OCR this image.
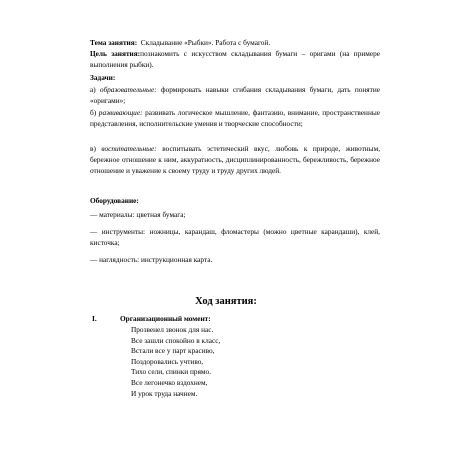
Тема занятия: Складывание «Рыбки». Работа с бумагой.

Цель занятия:познакомить с искусством складывания бумаги – оригами (на примере выполнения рыбки).

Задачи:

а) образовательные: формировать навыки сгибания складывания бумаги, дать понятие «оригами»;

б) развивающие: развивать логическое мышление, фантазию, внимание, пространственные представления, исполнительские умения и творческие способности;

в) воспитательные: воспитывать эстетический вкус, любовь к природе, животным, бережное отношение к ним, аккуратность, дисциплинированность, бережливость, бережное отношение и уважение к своему труду и труду других людей.

Оборудование:

— материалы: цветная бумага;

— инструменты: ножницы, карандаш, фломастеры (можно цветные карандаши), клей, кисточка;

— наглядность: инструкционная карта.

Ход занятия:
I.	Организационный момент:
Прозвенел звонок для нас.
Все зашли спокойно в класс,
Встали все у парт красиво,
Поздоровались учтиво,
Тихо сели, спинки прямо.
Все легонечко вздохнем,
И урок труда начнем.
